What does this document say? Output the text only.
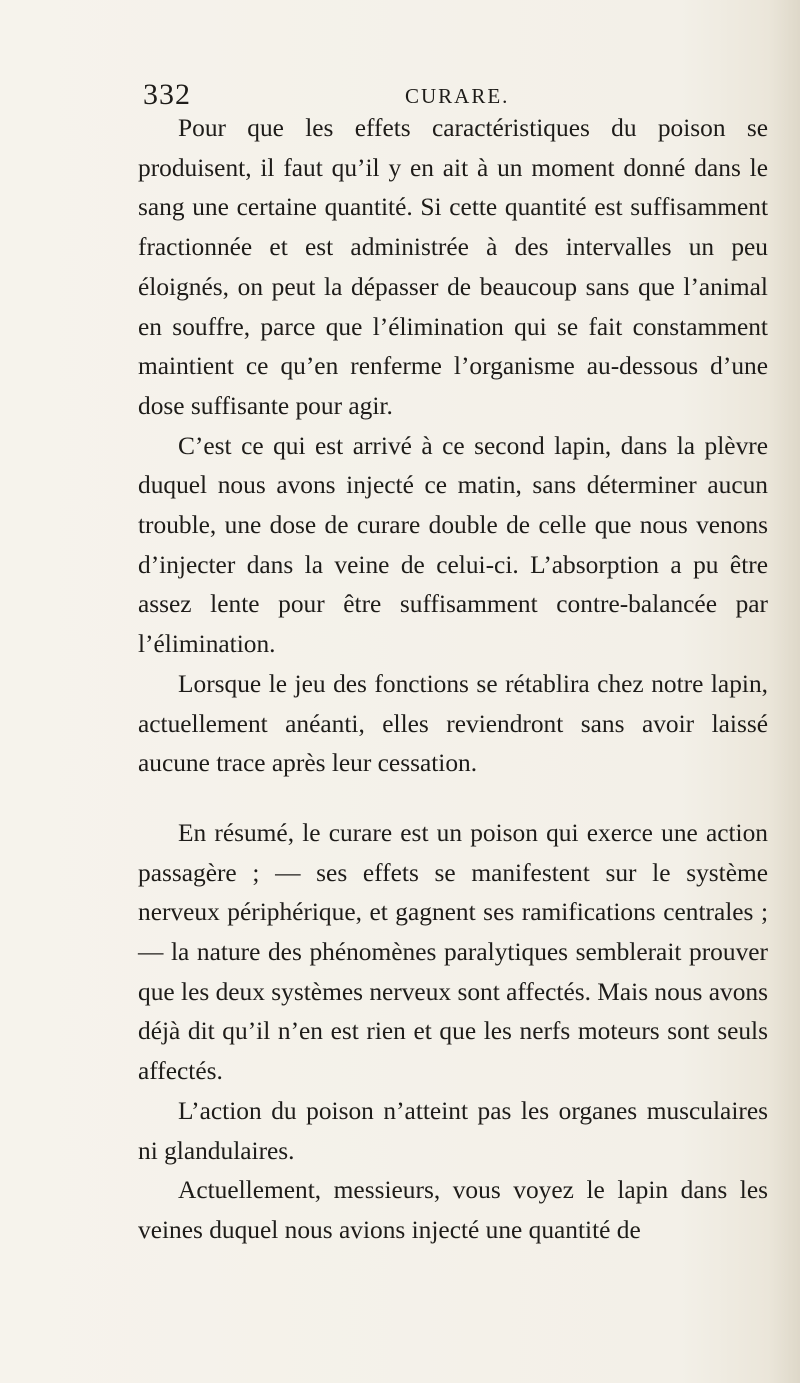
332	CURARE.

Pour que les effets caractéristiques du poison se produisent, il faut qu’il y en ait à un moment donné dans le sang une certaine quantité. Si cette quantité est suffisamment fractionnée et est administrée à des intervalles un peu éloignés, on peut la dépasser de beaucoup sans que l’animal en souffre, parce que l’élimination qui se fait constamment maintient ce qu’en renferme l’organisme au-dessous d’une dose suffisante pour agir.

C’est ce qui est arrivé à ce second lapin, dans la plèvre duquel nous avons injecté ce matin, sans déterminer aucun trouble, une dose de curare double de celle que nous venons d’injecter dans la veine de celui-ci. L’absorption a pu être assez lente pour être suffisamment contre-balancée par l’élimination.

Lorsque le jeu des fonctions se rétablira chez notre lapin, actuellement anéanti, elles reviendront sans avoir laissé aucune trace après leur cessation.

En résumé, le curare est un poison qui exerce une action passagère ; — ses effets se manifestent sur le système nerveux périphérique, et gagnent ses ramifications centrales ; — la nature des phénomènes paralytiques semblerait prouver que les deux systèmes nerveux sont affectés. Mais nous avons déjà dit qu’il n’en est rien et que les nerfs moteurs sont seuls affectés.

L’action du poison n’atteint pas les organes musculaires ni glandulaires.

Actuellement, messieurs, vous voyez le lapin dans les veines duquel nous avions injecté une quantité de
